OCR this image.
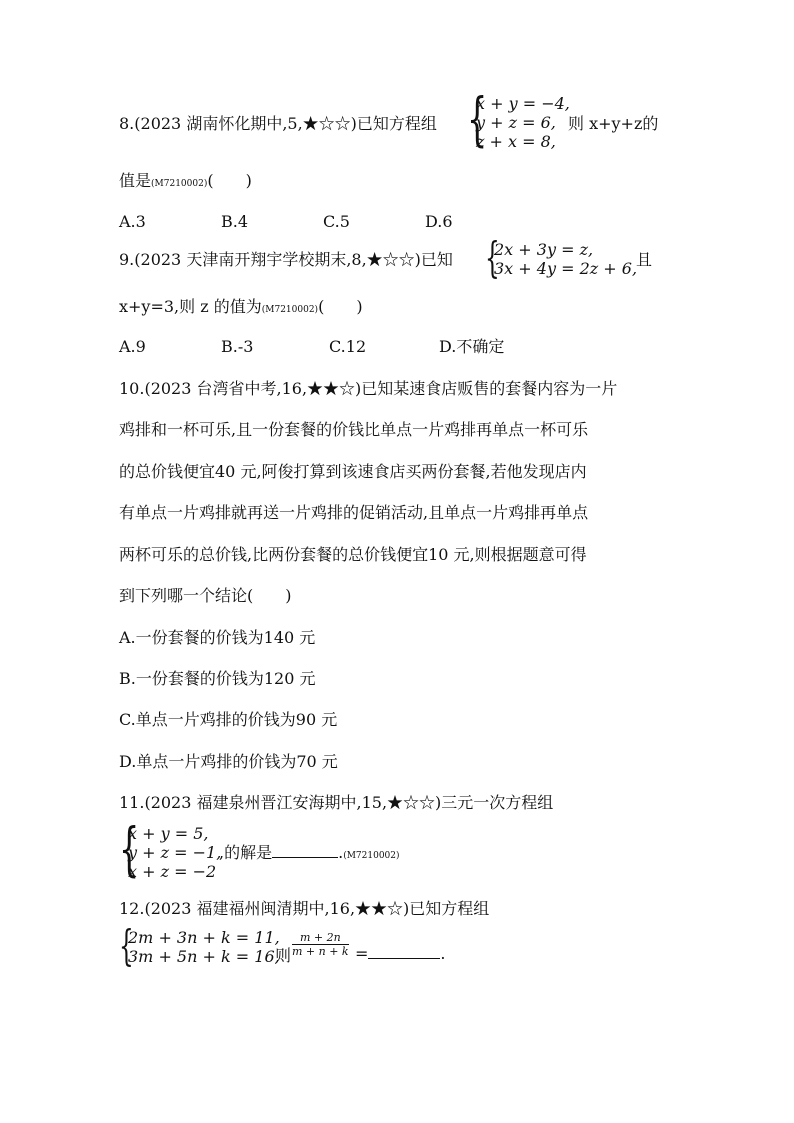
8.(2023 湖南怀化期中,5,★☆☆)已知方程组 {
x + y = −4,
y + z = 6,
z + x = 8,
则 x+y+z的
值是(M7210002)(　　)
A.3	B.4	C.5	D.6
9.(2023 天津南开翔宇学校期末,8,★☆☆)已知 {
2x + 3y = z,
3x + 4y = 2z + 6,
且
x+y=3,则 z 的值为(M7210002)(　　)
A.9	B.-3	C.12	D.不确定
10.(2023 台湾省中考,16,★★☆)已知某速食店贩售的套餐内容为一片
鸡排和一杯可乐,且一份套餐的价钱比单点一片鸡排再单点一杯可乐
的总价钱便宜40 元,阿俊打算到该速食店买两份套餐,若他发现店内
有单点一片鸡排就再送一片鸡排的促销活动,且单点一片鸡排再单点
两杯可乐的总价钱,比两份套餐的总价钱便宜10 元,则根据题意可得
到下列哪一个结论(　　)
A.一份套餐的价钱为140 元
B.一份套餐的价钱为120 元
C.单点一片鸡排的价钱为90 元
D.单点一片鸡排的价钱为70 元
11.(2023 福建泉州晋江安海期中,15,★☆☆)三元一次方程组
{
x + y = 5,
y + z = −1,
x + z = −2
,的解是	.(M7210002)
12.(2023 福建福州闽清期中,16,★★☆)已知方程组
{
2m + 3n + k = 11,
3m + 5n + k = 16,
则 $\frac{m + 2n}{m + n + k}$ =	.
